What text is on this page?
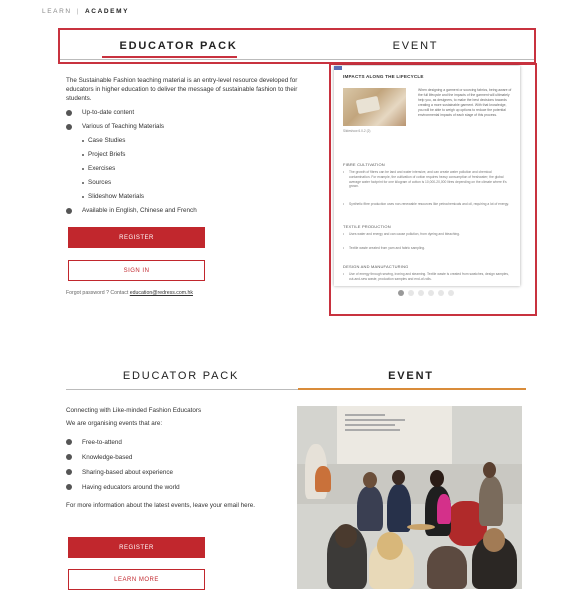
LEARN | ACADEMY
EDUCATOR PACK	EVENT

The Sustainable Fashion teaching material is an entry-level resource developed for educators in higher education to deliver the message of sustainable fashion to their students.

Up-to-date content
Various of Teaching Materials
Case Studies
Project Briefs
Exercises
Sources
Slideshow Materials
Available in English, Chinese and French
REGISTER
SIGN IN
Forgot password ? Contact education@redress.com.hk
IMPACTS ALONG THE LIFECYCLE
Slideshow 6.0-2 (2)

When designing a garment or sourcing fabrics, being aware of the full lifecycle and the impacts of the garment will ultimately help you, as designers, to make the best decisions towards creating a more sustainable garment. With that knowledge, you will be able to weigh up options to reduce the potential environmental impacts of each stage of this process.

FIBRE CULTIVATION

• The growth of fibres can be land and water intensive, and can create water pollution and chemical contamination. For example, the cultivation of cotton requires heavy consumption of freshwater; the global average water footprint for one kilogram of cotton is 10,000-20,000 litres depending on the climate where it's grown.

• Synthetic fibre production uses non-renewable resources like petrochemicals and oil, requiring a lot of energy.

TEXTILE PRODUCTION

• Uses water and energy and can cause pollution, from dyeing and bleaching.

• Textile waste created from yarn and fabric sampling.

DESIGN AND MANUFACTURING

• Use of energy through sewing, ironing and steaming. Textile waste is created from swatches, design samples, cut-and-sew waste, production samples and end-of-rolls.

EDUCATOR PACK	EVENT

Connecting with Like-minded Fashion Educators

We are organising events that are:

Free-to-attend
Knowledge-based
Sharing-based about experience
Having educators around the world

For more information about the latest events, leave your email here.

REGISTER
LEARN MORE
